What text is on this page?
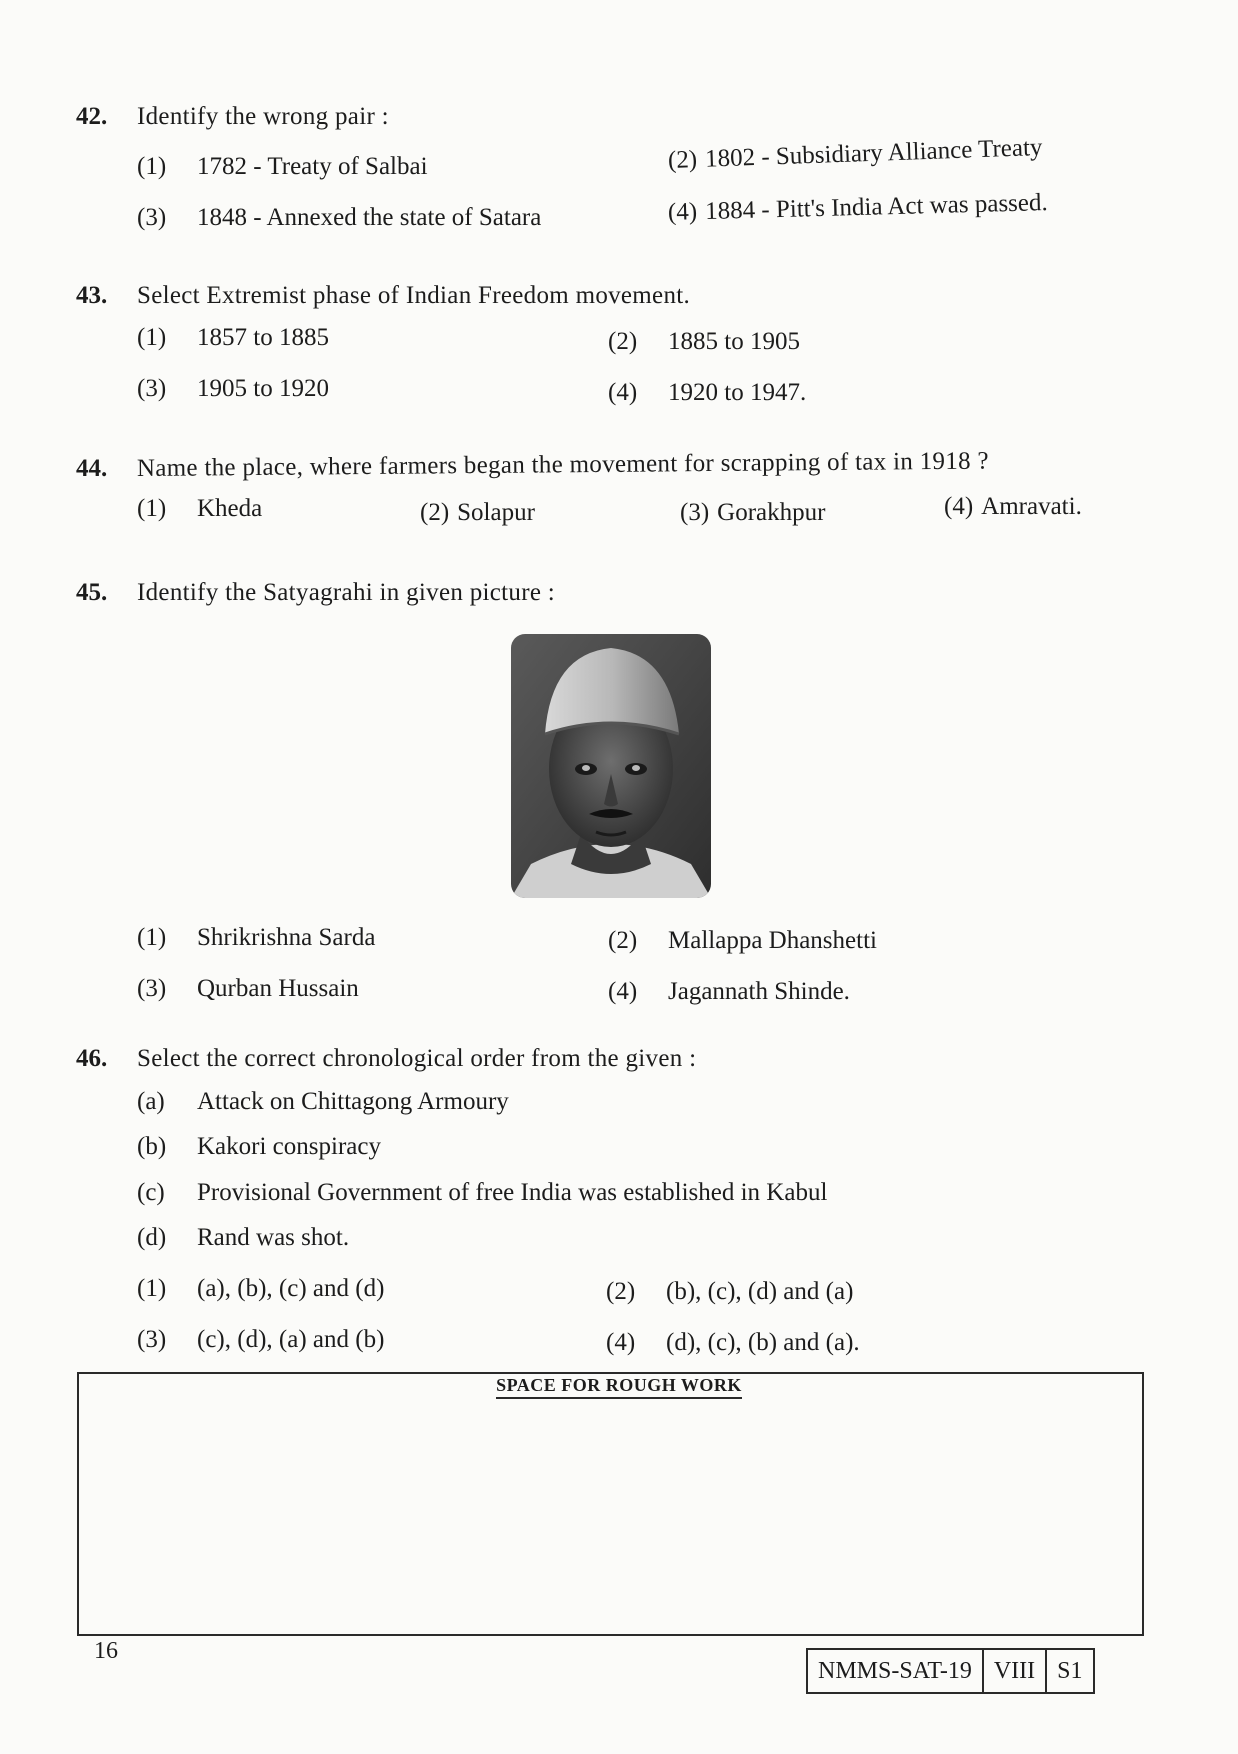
42. Identify the wrong pair :
(1) 1782 - Treaty of Salbai	(2) 1802 - Subsidiary Alliance Treaty
(3) 1848 - Annexed the state of Satara	(4) 1884 - Pitt's India Act was passed.
43. Select Extremist phase of Indian Freedom movement.
(1) 1857 to 1885	(2) 1885 to 1905
(3) 1905 to 1920	(4) 1920 to 1947.
44. Name the place, where farmers began the movement for scrapping of tax in 1918 ?
(1) Kheda	(2) Solapur	(3) Gorakhpur	(4) Amravati.
45. Identify the Satyagrahi in given picture :
(1) Shrikrishna Sarda	(2) Mallappa Dhanshetti
(3) Qurban Hussain	(4) Jagannath Shinde.
46. Select the correct chronological order from the given :
(a) Attack on Chittagong Armoury
(b) Kakori conspiracy
(c) Provisional Government of free India was established in Kabul
(d) Rand was shot.
(1) (a), (b), (c) and (d)	(2) (b), (c), (d) and (a)
(3) (c), (d), (a) and (b)	(4) (d), (c), (b) and (a).
SPACE FOR ROUGH WORK
16
NMMS-SAT-19 VIII S1
